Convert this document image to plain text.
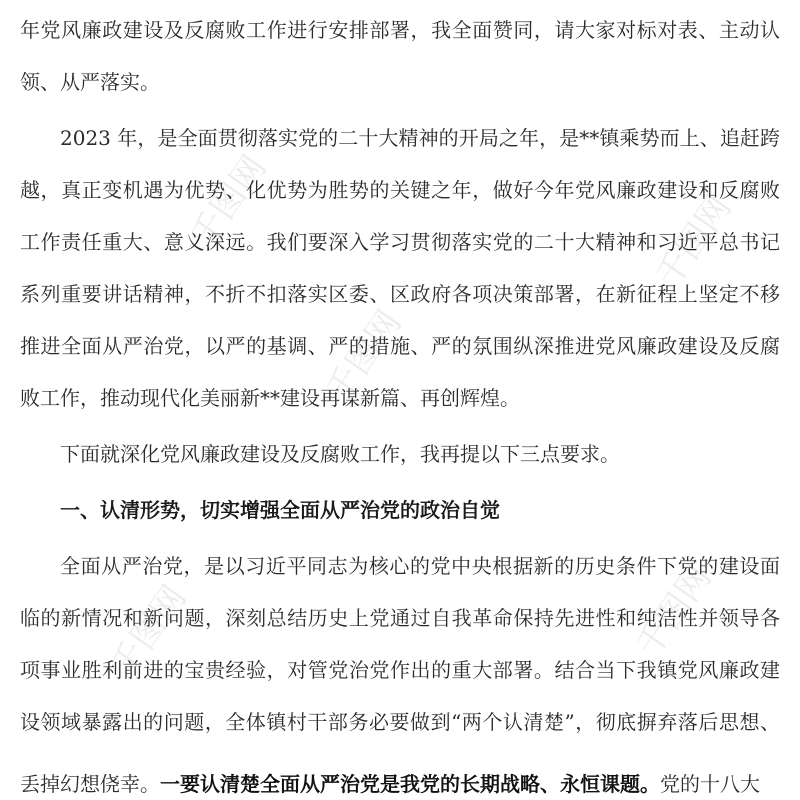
千图网	千图网
千图网
千图网
千图网
年党风廉政建设及反腐败工作进行安排部署，我全面赞同，请大家对标对表、主动认
领、从严落实。
2023 年，是全面贯彻落实党的二十大精神的开局之年，是**镇乘势而上、追赶跨
越，真正变机遇为优势、化优势为胜势的关键之年，做好今年党风廉政建设和反腐败
工作责任重大、意义深远。我们要深入学习贯彻落实党的二十大精神和习近平总书记
系列重要讲话精神，不折不扣落实区委、区政府各项决策部署，在新征程上坚定不移
推进全面从严治党，以严的基调、严的措施、严的氛围纵深推进党风廉政建设及反腐
败工作，推动现代化美丽新**建设再谋新篇、再创辉煌。
下面就深化党风廉政建设及反腐败工作，我再提以下三点要求。
一、认清形势，切实增强全面从严治党的政治自觉
全面从严治党，是以习近平同志为核心的党中央根据新的历史条件下党的建设面
临的新情况和新问题，深刻总结历史上党通过自我革命保持先进性和纯洁性并领导各
项事业胜利前进的宝贵经验，对管党治党作出的重大部署。结合当下我镇党风廉政建
设领域暴露出的问题，全体镇村干部务必要做到“两个认清楚”，彻底摒弃落后思想、
丢掉幻想侥幸。一要认清楚全面从严治党是我党的长期战略、永恒课题。党的十八大
